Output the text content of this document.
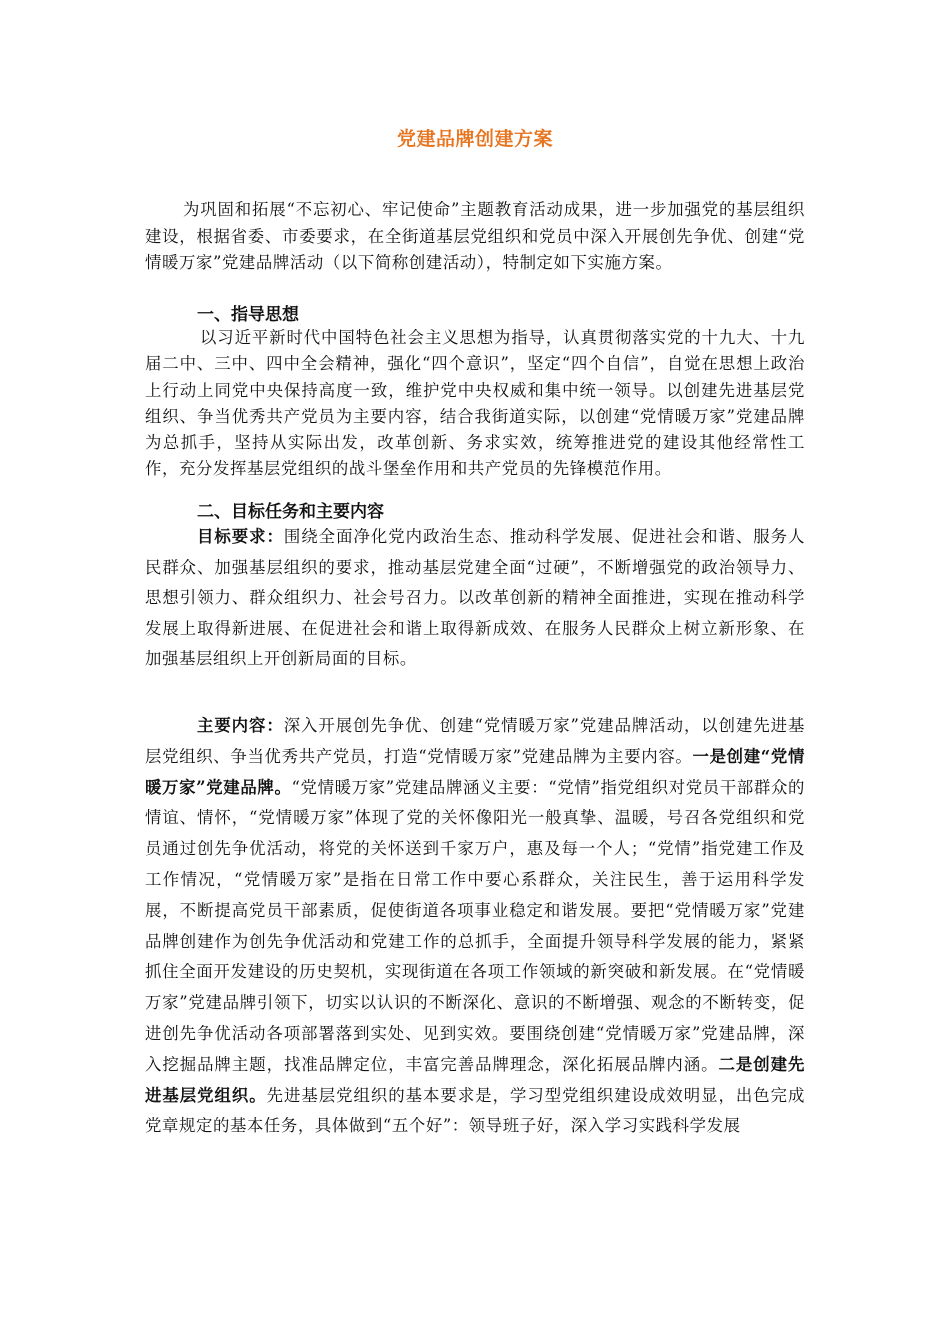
党建品牌创建方案

为巩固和拓展“不忘初心、牢记使命”主题教育活动成果，进一步加强党的基层组织建设，根据省委、市委要求，在全街道基层党组织和党员中深入开展创先争优、创建“党情暖万家”党建品牌活动（以下简称创建活动），特制定如下实施方案。

一、指导思想

以习近平新时代中国特色社会主义思想为指导，认真贯彻落实党的十九大、十九届二中、三中、四中全会精神，强化“四个意识”，坚定“四个自信”，自觉在思想上政治上行动上同党中央保持高度一致，维护党中央权威和集中统一领导。以创建先进基层党组织、争当优秀共产党员为主要内容，结合我街道实际，以创建“党情暖万家”党建品牌为总抓手，坚持从实际出发，改革创新、务求实效，统筹推进党的建设其他经常性工作，充分发挥基层党组织的战斗堡垒作用和共产党员的先锋模范作用。

二、目标任务和主要内容

目标要求：围绕全面净化党内政治生态、推动科学发展、促进社会和谐、服务人民群众、加强基层组织的要求，推动基层党建全面“过硬”，不断增强党的政治领导力、思想引领力、群众组织力、社会号召力。以改革创新的精神全面推进，实现在推动科学发展上取得新进展、在促进社会和谐上取得新成效、在服务人民群众上树立新形象、在加强基层组织上开创新局面的目标。

主要内容：深入开展创先争优、创建“党情暖万家”党建品牌活动，以创建先进基层党组织、争当优秀共产党员，打造“党情暖万家”党建品牌为主要内容。一是创建“党情暖万家”党建品牌。“党情暖万家”党建品牌涵义主要：“党情”指党组织对党员干部群众的情谊、情怀，“党情暖万家”体现了党的关怀像阳光一般真挚、温暖，号召各党组织和党员通过创先争优活动，将党的关怀送到千家万户，惠及每一个人；“党情”指党建工作及工作情况，“党情暖万家”是指在日常工作中要心系群众，关注民生，善于运用科学发展，不断提高党员干部素质，促使街道各项事业稳定和谐发展。要把“党情暖万家”党建品牌创建作为创先争优活动和党建工作的总抓手，全面提升领导科学发展的能力，紧紧抓住全面开发建设的历史契机，实现街道在各项工作领域的新突破和新发展。在“党情暖万家”党建品牌引领下，切实以认识的不断深化、意识的不断增强、观念的不断转变，促进创先争优活动各项部署落到实处、见到实效。要围绕创建“党情暖万家”党建品牌，深入挖掘品牌主题，找准品牌定位，丰富完善品牌理念，深化拓展品牌内涵。二是创建先进基层党组织。先进基层党组织的基本要求是，学习型党组织建设成效明显，出色完成党章规定的基本任务，具体做到“五个好”：领导班子好，深入学习实践科学发展
